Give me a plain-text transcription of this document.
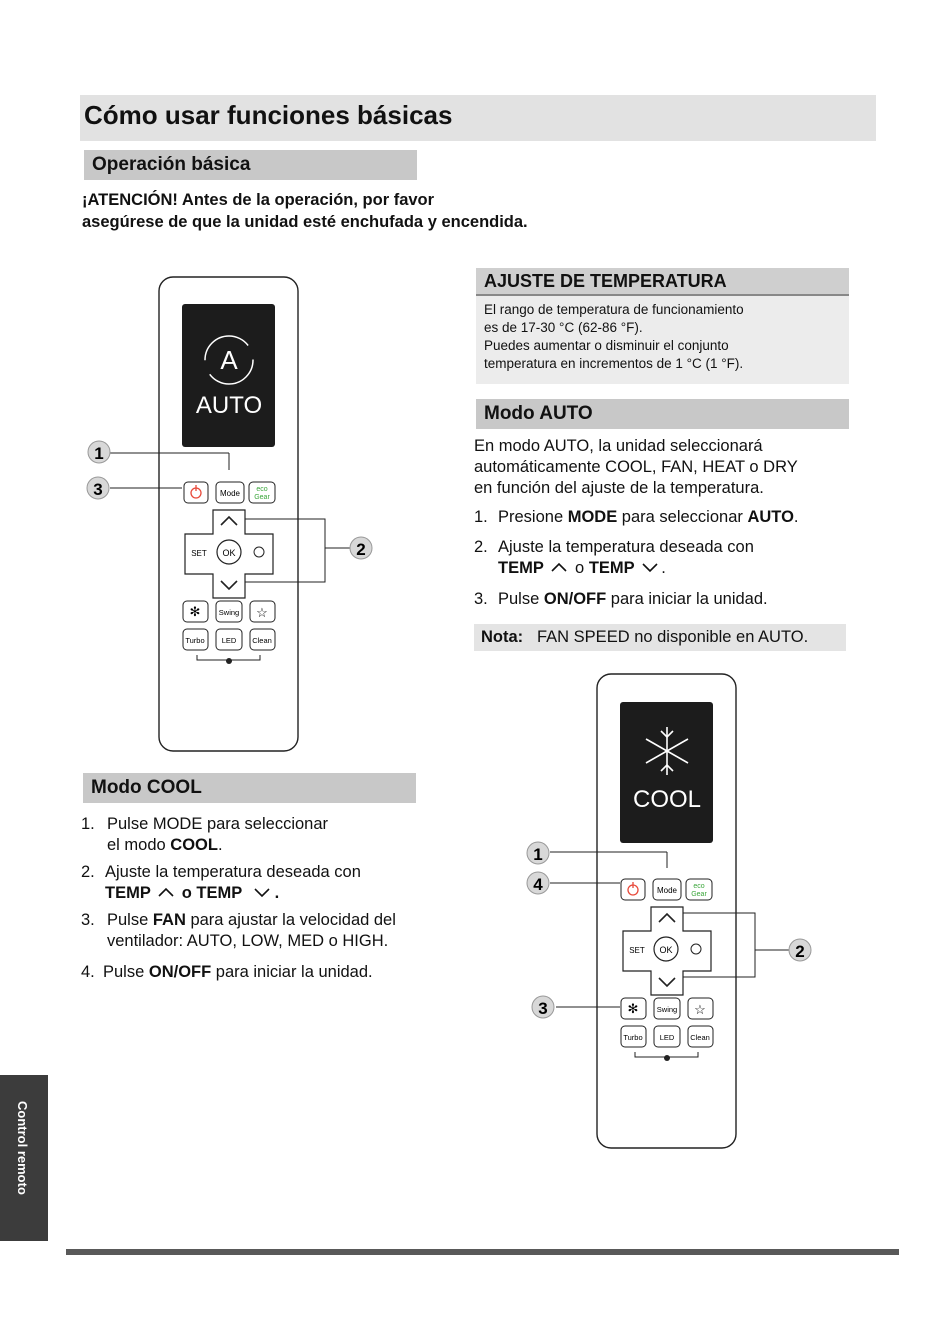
Cómo usar funciones básicas
Operación básica
¡ATENCIÓN! Antes de la operación, por favor
asegúrese de que la unidad esté enchufada y encendida.
AJUSTE DE TEMPERATURA
El rango de temperatura de funcionamiento
es de 17-30 °C (62-86 °F).
Puedes aumentar o disminuir el conjunto
temperatura en incrementos de 1 °C (1 °F).
Modo AUTO
En modo AUTO, la unidad seleccionará
automáticamente COOL, FAN, HEAT o DRY
en función del ajuste de la temperatura.
1. Presione MODE para seleccionar AUTO.
2. Ajuste la temperatura deseada con
TEMP o TEMP .
3. Pulse ON/OFF para iniciar la unidad.
Nota: FAN SPEED no disponible en AUTO.
Modo COOL
1. Pulse MODE para seleccionar
el modo COOL.
2. Ajuste la temperatura deseada con
TEMP o TEMP .
3. Pulse FAN para ajustar la velocidad del
ventilador: AUTO, LOW, MED o HIGH.
4. Pulse ON/OFF para iniciar la unidad.
A
AUTO
Mode eco
Gear
SET OK
✻ Swing ☆
Turbo LED Clean
1
3
2
COOL
Mode eco
Gear
SET OK
✻ Swing ☆
Turbo LED Clean
1
4
2
3
Control remoto
